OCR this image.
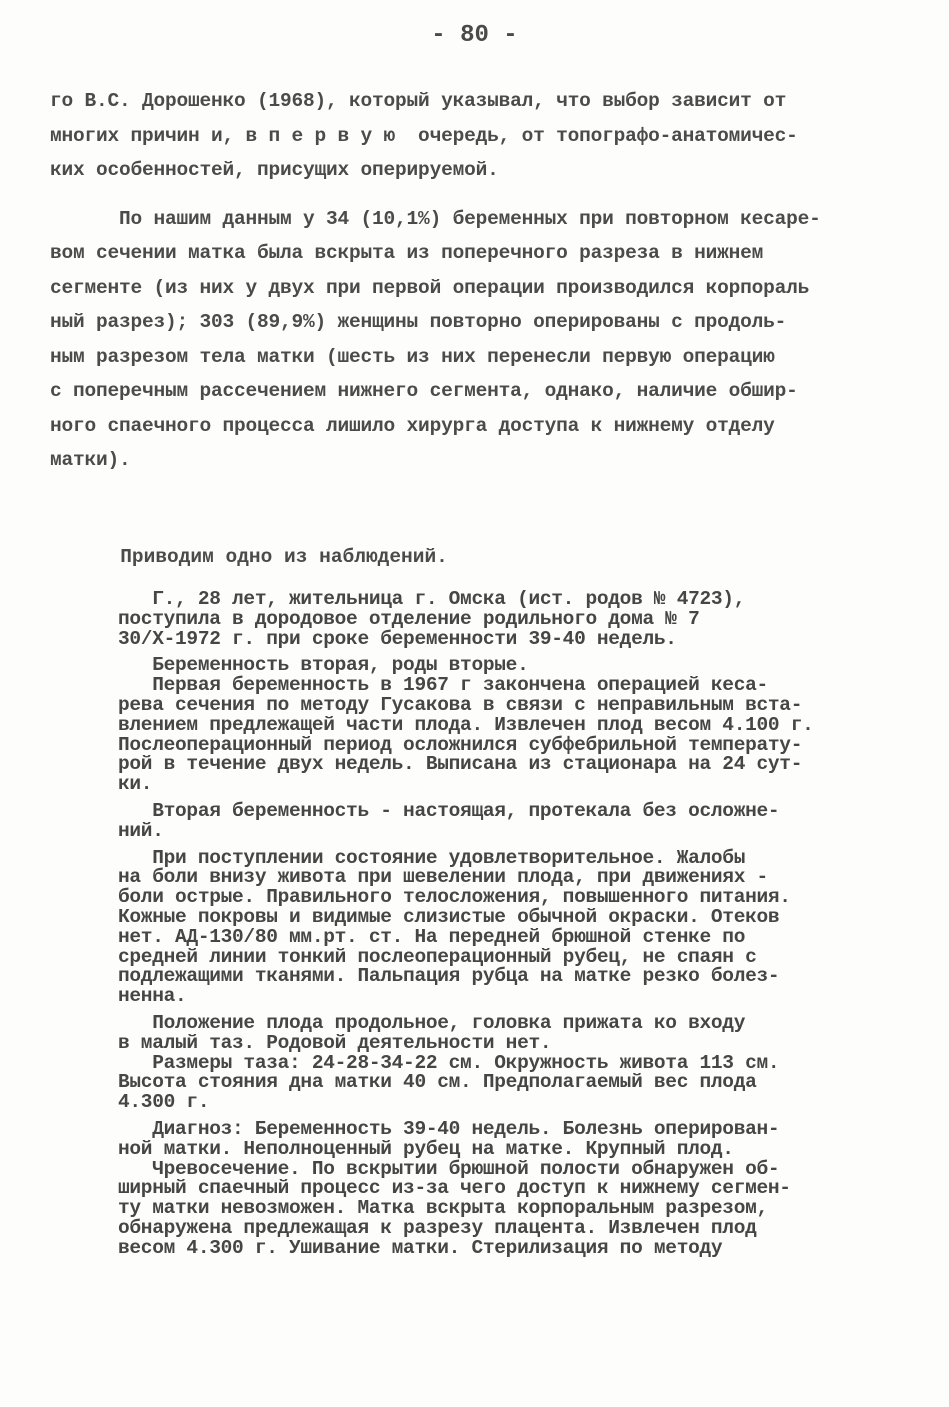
- 80 -

го В.С. Дорошенко (1968), который указывал, что выбор зависит от

многих причин и, в п е р в у ю  очередь, от топографо-анатомичес-

ких особенностей, присущих оперируемой.

По нашим данным у 34 (10,1%) беременных при повторном кесаре-

вом сечении матка была вскрыта из поперечного разреза в нижнем

сегменте (из них у двух при первой операции производился корпораль

ный разрез); 303 (89,9%) женщины повторно оперированы с продоль-

ным разрезом тела матки (шесть из них перенесли первую операцию

с поперечным рассечением нижнего сегмента, однако, наличие обшир-

ного спаечного процесса лишило хирурга доступа к нижнему отделу

матки).

Приводим одно из наблюдений.

Г., 28 лет, жительница г. Омска (ист. родов № 4723),

поступила в дородовое отделение родильного дома № 7

30/Х-1972 г. при сроке беременности 39-40 недель.

Беременность вторая, роды вторые.

Первая беременность в 1967 г закончена операцией кеса-

рева сечения по методу Гусакова в связи с неправильным вста-

влением предлежащей части плода. Извлечен плод весом 4.100 г.

Послеоперационный период осложнился субфебрильной температу-

рой в течение двух недель. Выписана из стационара на 24 сут-

ки.

Вторая беременность - настоящая, протекала без осложне-

ний.

При поступлении состояние удовлетворительное. Жалобы

на боли внизу живота при шевелении плода, при движениях -

боли острые. Правильного телосложения, повышенного питания.

Кожные покровы и видимые слизистые обычной окраски. Отеков

нет. АД-130/80 мм.рт. ст. На передней брюшной стенке по

средней линии тонкий послеоперационный рубец, не спаян с

подлежащими тканями. Пальпация рубца на матке резко болез-

ненна.

Положение плода продольное, головка прижата ко входу

в малый таз. Родовой деятельности нет.

Размеры таза: 24-28-34-22 см. Окружность живота 113 см.

Высота стояния дна матки 40 см. Предполагаемый вес плода

4.300 г.

Диагноз: Беременность 39-40 недель. Болезнь оперирован-

ной матки. Неполноценный рубец на матке. Крупный плод.

Чревосечение. По вскрытии брюшной полости обнаружен об-

ширный спаечный процесс из-за чего доступ к нижнему сегмен-

ту матки невозможен. Матка вскрыта корпоральным разрезом,

обнаружена предлежащая к разрезу плацента. Извлечен плод

весом 4.300 г. Ушивание матки. Стерилизация по методу
